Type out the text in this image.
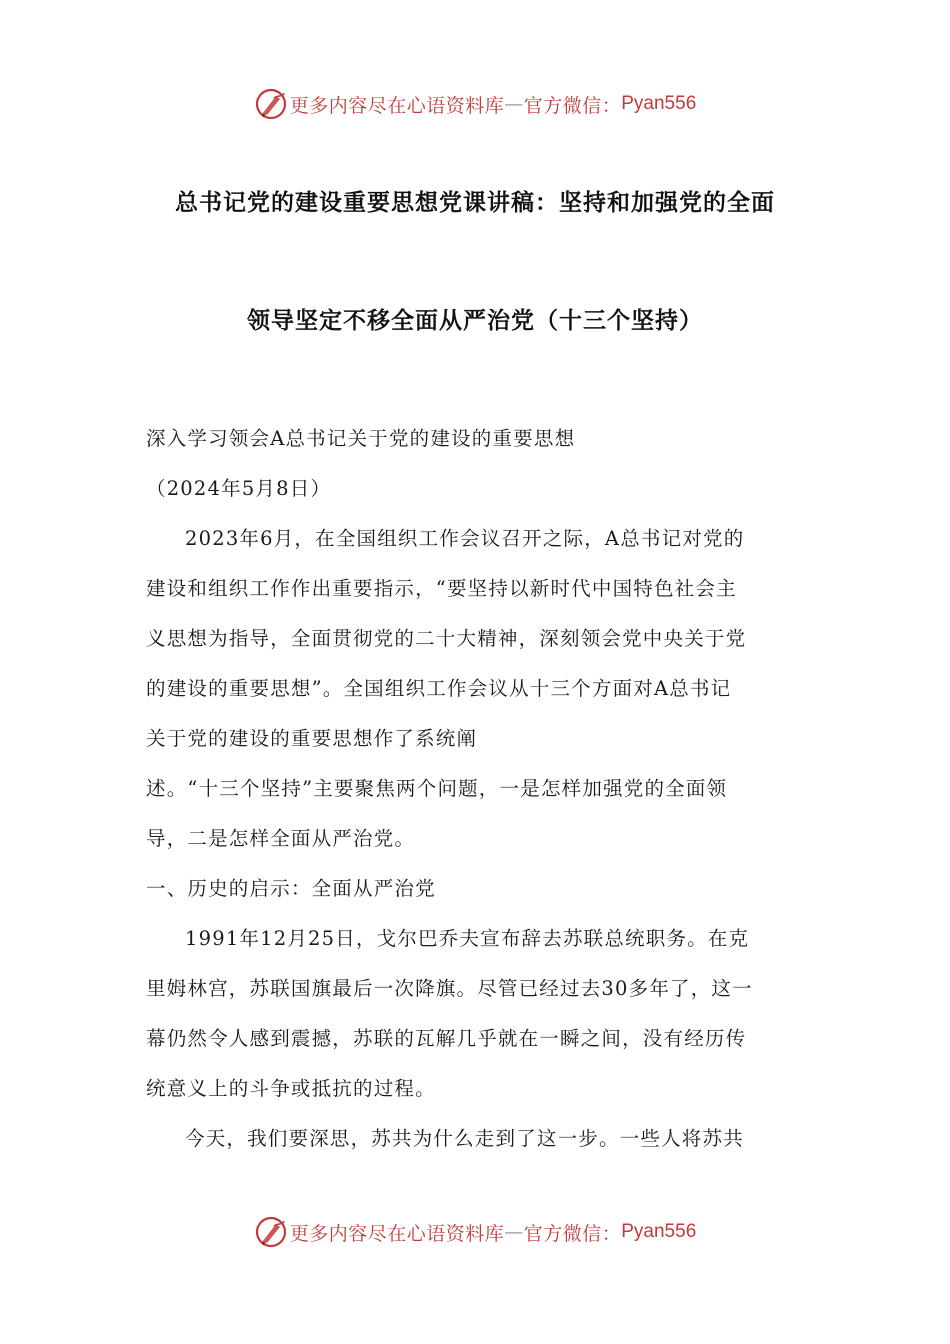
更多内容尽在心语资料库 — 官方微信： Pyan556
总书记党的建设重要思想党课讲稿：坚持和加强党的全面
领导坚定不移全面从严治党（十三个坚持）

深入学习领会A总书记关于党的建设的重要思想

（2024年5月8日）

2023年6月，在全国组织工作会议召开之际，A总书记对党的
建设和组织工作作出重要指示，“要坚持以新时代中国特色社会主
义思想为指导，全面贯彻党的二十大精神，深刻领会党中央关于党
的建设的重要思想”。全国组织工作会议从十三个方面对A总书记
关于党的建设的重要思想作了系统阐
述。“十三个坚持”主要聚焦两个问题，一是怎样加强党的全面领
导，二是怎样全面从严治党。

一、历史的启示：全面从严治党

1991年12月25日，戈尔巴乔夫宣布辞去苏联总统职务。在克
里姆林宫，苏联国旗最后一次降旗。尽管已经过去30多年了，这一
幕仍然令人感到震撼，苏联的瓦解几乎就在一瞬之间，没有经历传
统意义上的斗争或抵抗的过程。

今天，我们要深思，苏共为什么走到了这一步。一些人将苏共

更多内容尽在心语资料库 — 官方微信： Pyan556
